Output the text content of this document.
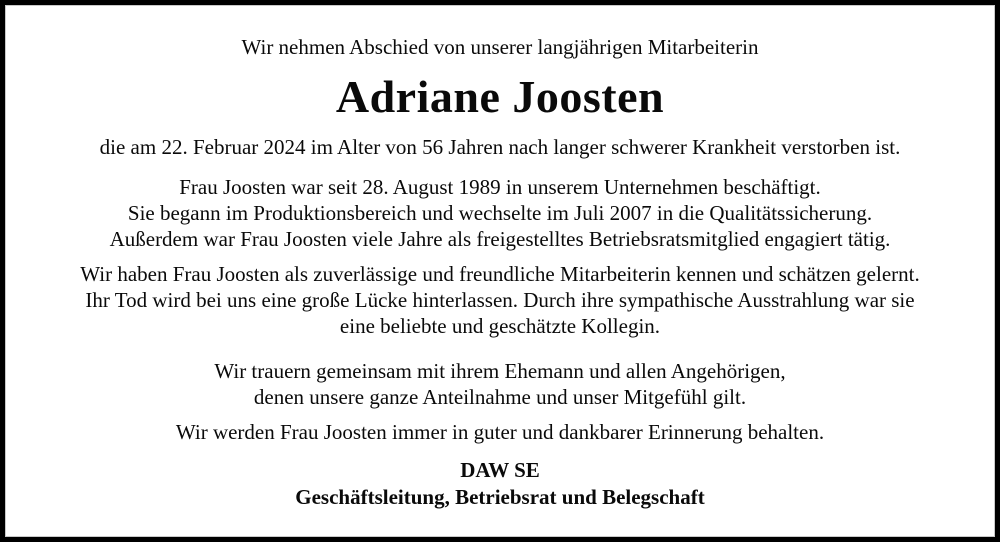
Wir nehmen Abschied von unserer langjährigen Mitarbeiterin
Adriane Joosten
die am 22. Februar 2024 im Alter von 56 Jahren nach langer schwerer Krankheit verstorben ist.
Frau Joosten war seit 28. August 1989 in unserem Unternehmen beschäftigt.
Sie begann im Produktionsbereich und wechselte im Juli 2007 in die Qualitätssicherung.
Außerdem war Frau Joosten viele Jahre als freigestelltes Betriebsratsmitglied engagiert tätig.
Wir haben Frau Joosten als zuverlässige und freundliche Mitarbeiterin kennen und schätzen gelernt.
Ihr Tod wird bei uns eine große Lücke hinterlassen. Durch ihre sympathische Ausstrahlung war sie
eine beliebte und geschätzte Kollegin.
Wir trauern gemeinsam mit ihrem Ehemann und allen Angehörigen,
denen unsere ganze Anteilnahme und unser Mitgefühl gilt.
Wir werden Frau Joosten immer in guter und dankbarer Erinnerung behalten.
DAW SE
Geschäftsleitung, Betriebsrat und Belegschaft
